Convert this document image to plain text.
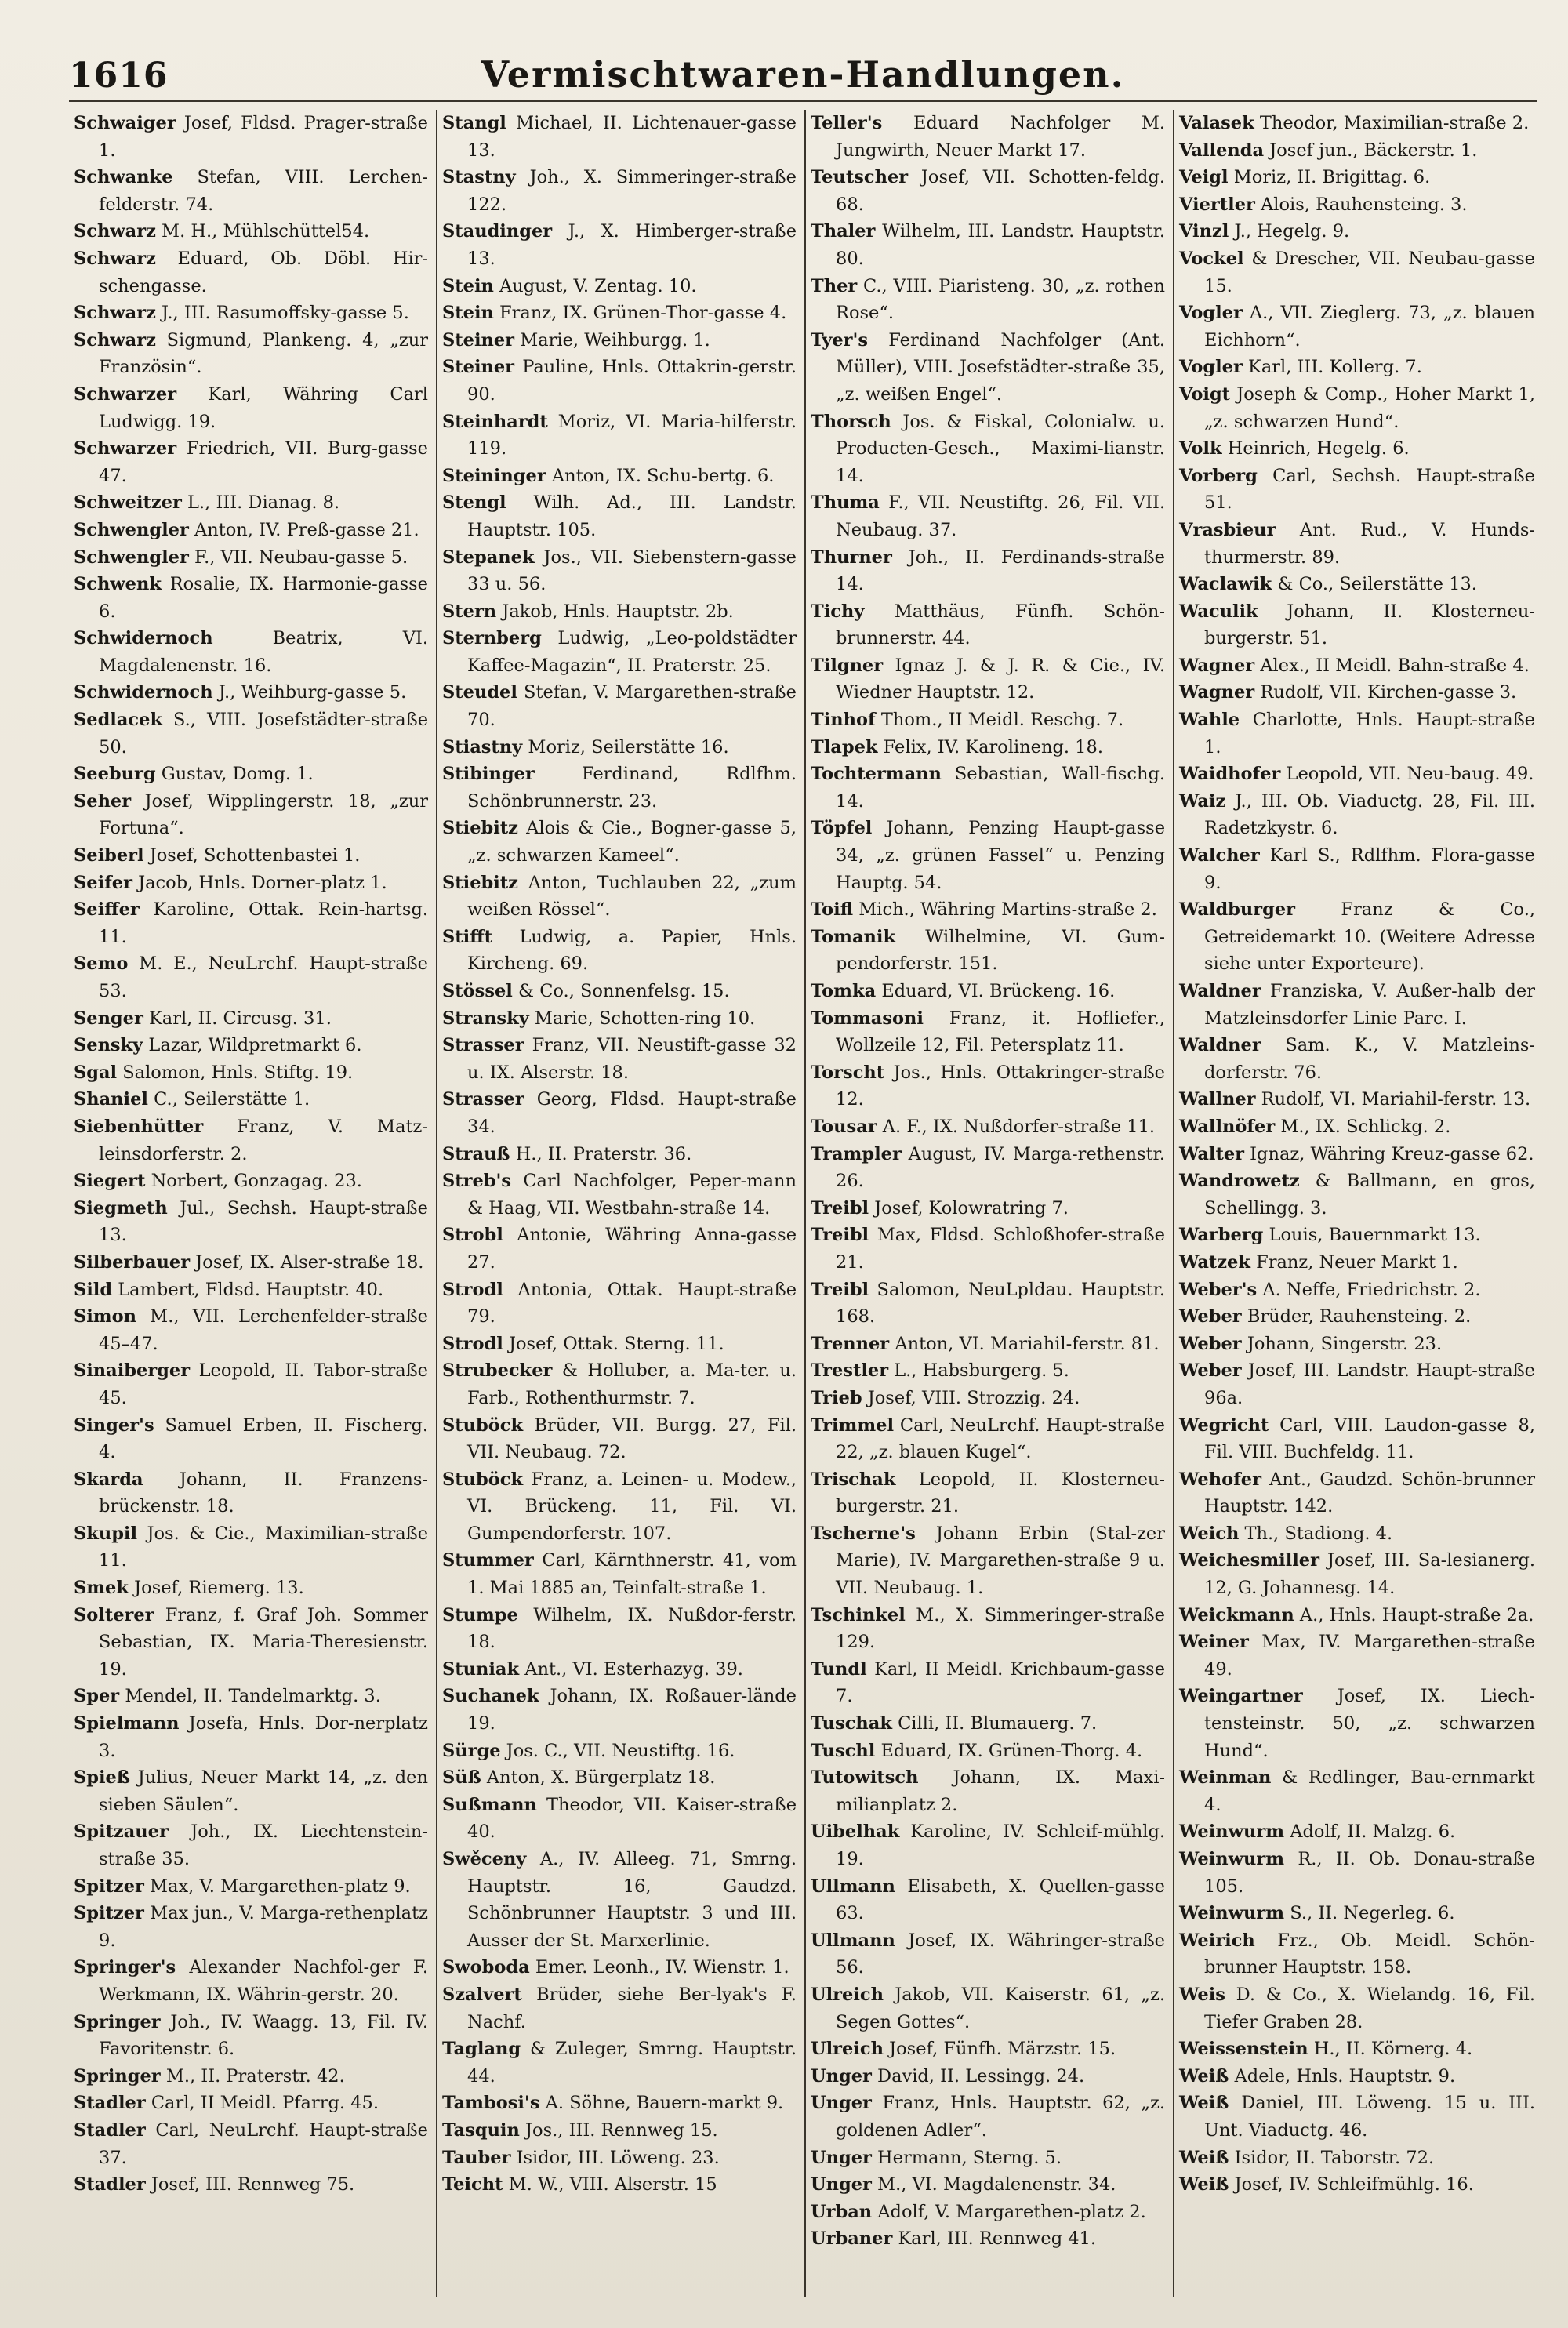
1616	Vermischtwaren-Handlungen.
Schwaiger Josef, Fldsd. Prager-straße 1.
Schwanke Stefan, VIII. Lerchen-felderstr. 74.
Schwarz M. H., Mühlschüttel54.
Schwarz Eduard, Ob. Döbl. Hir-schengasse.
Schwarz J., III. Rasumoffsky-gasse 5.
Schwarz Sigmund, Plankeng. 4, „zur Französin“.
Schwarzer Karl, Währing Carl Ludwigg. 19.
Schwarzer Friedrich, VII. Burg-gasse 47.
Schweitzer L., III. Dianag. 8.
Schwengler Anton, IV. Preß-gasse 21.
Schwengler F., VII. Neubau-gasse 5.
Schwenk Rosalie, IX. Harmonie-gasse 6.
Schwidernoch	Beatrix, VI. Magdalenenstr. 16.
Schwidernoch J., Weihburg-gasse 5.
Sedlacek S., VIII. Josefstädter-straße 50.
Seeburg Gustav, Domg. 1.
Seher Josef, Wipplingerstr. 18, „zur Fortuna“.
Seiberl Josef, Schottenbastei 1.
Seifer Jacob, Hnls. Dorner-platz 1.
Seiffer Karoline, Ottak. Rein-hartsg. 11.
Semo M. E., NeuLrchf. Haupt-straße 53.
Senger Karl, II. Circusg. 31.
Sensky Lazar, Wildpretmarkt 6.
Sgal Salomon, Hnls. Stiftg. 19.
Shaniel C., Seilerstätte 1.
Siebenhütter Franz, V. Matz-leinsdorferstr. 2.
Siegert Norbert, Gonzagag. 23.
Siegmeth Jul., Sechsh. Haupt-straße 13.
Silberbauer Josef, IX. Alser-straße 18.
Sild Lambert, Fldsd. Hauptstr. 40.
Simon M., VII. Lerchenfelder-straße 45–47.
Sinaiberger Leopold, II. Tabor-straße 45.
Singer's Samuel Erben, II. Fischerg. 4.
Skarda Johann, II. Franzens-brückenstr. 18.
Skupil Jos. & Cie., Maximilian-straße 11.
Smek Josef, Riemerg. 13.
Solterer Franz, f. Graf Joh. Sommer Sebastian, IX. Maria-Theresienstr. 19.
Sper Mendel, II. Tandelmarktg. 3.
Spielmann Josefa, Hnls. Dor-nerplatz 3.
Spieß Julius, Neuer Markt 14, „z. den sieben Säulen“.
Spitzauer Joh., IX. Liechtenstein-straße 35.
Spitzer Max, V. Margarethen-platz 9.
Spitzer Max jun., V. Marga-rethenplatz 9.
Springer's Alexander Nachfol-ger F. Werkmann, IX. Währin-gerstr. 20.
Springer Joh., IV. Waagg. 13, Fil. IV. Favoritenstr. 6.
Springer M., II. Praterstr. 42.
Stadler Carl, II Meidl. Pfarrg. 45.
Stadler Carl, NeuLrchf. Haupt-straße 37.
Stadler Josef, III. Rennweg 75.
Stangl Michael, II. Lichtenauer-gasse 13.
Stastny Joh., X. Simmeringer-straße 122.
Staudinger J., X. Himberger-straße 13.
Stein August, V. Zentag. 10.
Stein Franz, IX. Grünen-Thor-gasse 4.
Steiner Marie, Weihburgg. 1.
Steiner Pauline, Hnls. Ottakrin-gerstr. 90.
Steinhardt Moriz, VI. Maria-hilferstr. 119.
Steininger Anton, IX. Schu-bertg. 6.
Stengl Wilh. Ad., III. Landstr. Hauptstr. 105.
Stepanek Jos., VII. Siebenstern-gasse 33 u. 56.
Stern Jakob, Hnls. Hauptstr. 2b.
Sternberg Ludwig, „Leo-poldstädter Kaffee-Magazin“, II. Praterstr. 25.
Steudel Stefan, V. Margarethen-straße 70.
Stiastny Moriz, Seilerstätte 16.
Stibinger	Ferdinand, Rdlfhm. Schönbrunnerstr. 23.
Stiebitz Alois & Cie., Bogner-gasse 5, „z. schwarzen Kameel“.
Stiebitz Anton, Tuchlauben 22, „zum weißen Rössel“.
Stifft Ludwig, a. Papier, Hnls. Kircheng. 69.
Stössel & Co., Sonnenfelsg. 15.
Stransky Marie, Schotten-ring 10.
Strasser Franz, VII. Neustift-gasse 32 u. IX. Alserstr. 18.
Strasser Georg, Fldsd. Haupt-straße 34.
Strauß H., II. Praterstr. 36.
Streb's Carl Nachfolger, Peper-mann & Haag, VII. Westbahn-straße 14.
Strobl Antonie, Währing Anna-gasse 27.
Strodl Antonia, Ottak. Haupt-straße 79.
Strodl Josef, Ottak. Sterng. 11.
Strubecker & Holluber, a. Ma-ter. u. Farb., Rothenthurmstr. 7.
Stuböck Brüder, VII. Burgg. 27, Fil. VII. Neubaug. 72.
Stuböck Franz, a. Leinen- u. Modew., VI. Brückeng. 11, Fil. VI. Gumpendorferstr. 107.
Stummer Carl, Kärnthnerstr. 41, vom 1. Mai 1885 an, Teinfalt-straße 1.
Stumpe Wilhelm, IX. Nußdor-ferstr. 18.
Stuniak Ant., VI. Esterhazyg. 39.
Suchanek Johann, IX. Roßauer-lände 19.
Sürge Jos. C., VII. Neustiftg. 16.
Süß Anton, X. Bürgerplatz 18.
Sußmann Theodor, VII. Kaiser-straße 40.
Swěceny A., IV. Alleeg. 71, Smrng. Hauptstr. 16, Gaudzd. Schönbrunner Hauptstr. 3 und III. Ausser der St. Marxerlinie.
Swoboda Emer. Leonh., IV. Wienstr. 1.
Szalvert Brüder, siehe Ber-lyak's F. Nachf.
Taglang & Zuleger, Smrng. Hauptstr. 44.
Tambosi's A. Söhne, Bauern-markt 9.
Tasquin Jos., III. Rennweg 15.
Tauber Isidor, III. Löweng. 23.
Teicht M. W., VIII. Alserstr. 15
Teller's Eduard Nachfolger M. Jungwirth, Neuer Markt 17.
Teutscher Josef, VII. Schotten-feldg. 68.
Thaler Wilhelm, III. Landstr. Hauptstr. 80.
Ther C., VIII. Piaristeng. 30, „z. rothen Rose“.
Tyer's Ferdinand Nachfolger (Ant. Müller), VIII. Josefstädter-straße 35, „z. weißen Engel“.
Thorsch Jos. & Fiskal, Colonialw. u. Producten-Gesch., Maximi-lianstr. 14.
Thuma F., VII. Neustiftg. 26, Fil. VII. Neubaug. 37.
Thurner Joh., II. Ferdinands-straße 14.
Tichy Matthäus, Fünfh. Schön-brunnerstr. 44.
Tilgner Ignaz J. & J. R. & Cie., IV. Wiedner Hauptstr. 12.
Tinhof Thom., II Meidl. Reschg. 7.
Tlapek Felix, IV. Karolineng. 18.
Tochtermann Sebastian, Wall-fischg. 14.
Töpfel Johann, Penzing Haupt-gasse 34, „z. grünen Fassel“ u. Penzing Hauptg. 54.
Toifl Mich., Währing Martins-straße 2.
Tomanik Wilhelmine, VI. Gum-pendorferstr. 151.
Tomka Eduard, VI. Brückeng. 16.
Tommasoni Franz, it. Hofliefer., Wollzeile 12, Fil. Petersplatz 11.
Torscht Jos., Hnls. Ottakringer-straße 12.
Tousar A. F., IX. Nußdorfer-straße 11.
Trampler August, IV. Marga-rethenstr. 26.
Treibl Josef, Kolowratring 7.
Treibl Max, Fldsd. Schloßhofer-straße 21.
Treibl Salomon, NeuLpldau. Hauptstr. 168.
Trenner Anton, VI. Mariahil-ferstr. 81.
Trestler L., Habsburgerg. 5.
Trieb Josef, VIII. Strozzig. 24.
Trimmel Carl, NeuLrchf. Haupt-straße 22, „z. blauen Kugel“.
Trischak Leopold, II. Klosterneu-burgerstr. 21.
Tscherne's Johann Erbin (Stal-zer Marie), IV. Margarethen-straße 9 u. VII. Neubaug. 1.
Tschinkel M., X. Simmeringer-straße 129.
Tundl Karl, II Meidl. Krichbaum-gasse 7.
Tuschak Cilli, II. Blumauerg. 7.
Tuschl Eduard, IX. Grünen-Thorg. 4.
Tutowitsch Johann, IX. Maxi-milianplatz 2.
Uibelhak Karoline, IV. Schleif-mühlg. 19.
Ullmann Elisabeth, X. Quellen-gasse 63.
Ullmann Josef, IX. Währinger-straße 56.
Ulreich Jakob, VII. Kaiserstr. 61, „z. Segen Gottes“.
Ulreich Josef, Fünfh. Märzstr. 15.
Unger David, II. Lessingg. 24.
Unger Franz, Hnls. Hauptstr. 62, „z. goldenen Adler“.
Unger Hermann, Sterng. 5.
Unger M., VI. Magdalenenstr. 34.
Urban Adolf, V. Margarethen-platz 2.
Urbaner Karl, III. Rennweg 41.
Valasek Theodor, Maximilian-straße 2.
Vallenda Josef jun., Bäckerstr. 1.
Veigl Moriz, II. Brigittag. 6.
Viertler Alois, Rauhensteing. 3.
Vinzl J., Hegelg. 9.
Vockel & Drescher, VII. Neubau-gasse 15.
Vogler A., VII. Zieglerg. 73, „z. blauen Eichhorn“.
Vogler Karl, III. Kollerg. 7.
Voigt Joseph & Comp., Hoher Markt 1, „z. schwarzen Hund“.
Volk Heinrich, Hegelg. 6.
Vorberg Carl, Sechsh. Haupt-straße 51.
Vrasbieur Ant. Rud., V. Hunds-thurmerstr. 89.
Waclawik & Co., Seilerstätte 13.
Waculik Johann, II. Klosterneu-burgerstr. 51.
Wagner Alex., II Meidl. Bahn-straße 4.
Wagner Rudolf, VII. Kirchen-gasse 3.
Wahle Charlotte, Hnls. Haupt-straße 1.
Waidhofer Leopold, VII. Neu-baug. 49.
Waiz J., III. Ob. Viaductg. 28, Fil. III. Radetzkystr. 6.
Walcher Karl S., Rdlfhm. Flora-gasse 9.
Waldburger	Franz & Co., Getreidemarkt 10. (Weitere Adresse siehe unter Exporteure).
Waldner Franziska, V. Außer-halb der Matzleinsdorfer Linie Parc. I.
Waldner Sam. K., V. Matzleins-dorferstr. 76.
Wallner Rudolf, VI. Mariahil-ferstr. 13.
Wallnöfer M., IX. Schlickg. 2.
Walter Ignaz, Währing Kreuz-gasse 62.
Wandrowetz & Ballmann, en gros, Schellingg. 3.
Warberg Louis, Bauernmarkt 13.
Watzek Franz, Neuer Markt 1.
Weber's A. Neffe, Friedrichstr. 2.
Weber Brüder, Rauhensteing. 2.
Weber Johann, Singerstr. 23.
Weber Josef, III. Landstr. Haupt-straße 96a.
Wegricht Carl, VIII. Laudon-gasse 8, Fil. VIII. Buchfeldg. 11.
Wehofer Ant., Gaudzd. Schön-brunner Hauptstr. 142.
Weich Th., Stadiong. 4.
Weichesmiller Josef, III. Sa-lesianerg. 12, G. Johannesg. 14.
Weickmann A., Hnls. Haupt-straße 2a.
Weiner Max, IV. Margarethen-straße 49.
Weingartner Josef, IX. Liech-tensteinstr. 50, „z. schwarzen Hund“.
Weinman & Redlinger, Bau-ernmarkt 4.
Weinwurm Adolf, II. Malzg. 6.
Weinwurm R., II. Ob. Donau-straße 105.
Weinwurm S., II. Negerleg. 6.
Weirich Frz., Ob. Meidl. Schön-brunner Hauptstr. 158.
Weis D. & Co., X. Wielandg. 16, Fil. Tiefer Graben 28.
Weissenstein H., II. Körnerg. 4.
Weiß Adele, Hnls. Hauptstr. 9.
Weiß Daniel, III. Löweng. 15 u. III. Unt. Viaductg. 46.
Weiß Isidor, II. Taborstr. 72.
Weiß Josef, IV. Schleifmühlg. 16.
